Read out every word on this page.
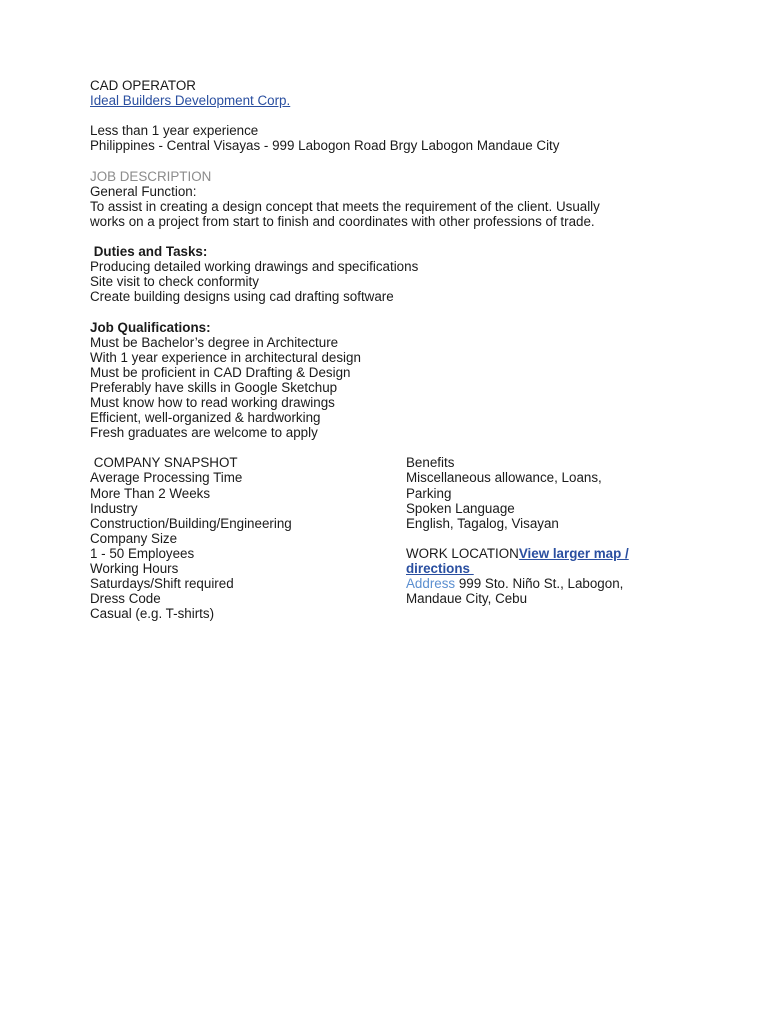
CAD OPERATOR
Ideal Builders Development Corp.
Less than 1 year experience
Philippines - Central Visayas - 999 Labogon Road Brgy Labogon Mandaue City
JOB DESCRIPTION
General Function:
To assist in creating a design concept that meets the requirement of the client. Usually
works on a project from start to finish and coordinates with other professions of trade.
Duties and Tasks:
Producing detailed working drawings and specifications
Site visit to check conformity
Create building designs using cad drafting software
Job Qualifications:
Must be Bachelor’s degree in Architecture
With 1 year experience in architectural design
Must be proficient in CAD Drafting & Design
Preferably have skills in Google Sketchup
Must know how to read working drawings
Efficient, well-organized & hardworking
Fresh graduates are welcome to apply
COMPANY SNAPSHOT
Average Processing Time
More Than 2 Weeks
Industry
Construction/Building/Engineering
Company Size
1 - 50 Employees
Working Hours
Saturdays/Shift required
Dress Code
Casual (e.g. T-shirts)
Benefits
Miscellaneous allowance, Loans,
Parking
Spoken Language
English, Tagalog, Visayan
WORK LOCATIONView larger map /
directions
Address 999 Sto. Niño St., Labogon,
Mandaue City, Cebu
